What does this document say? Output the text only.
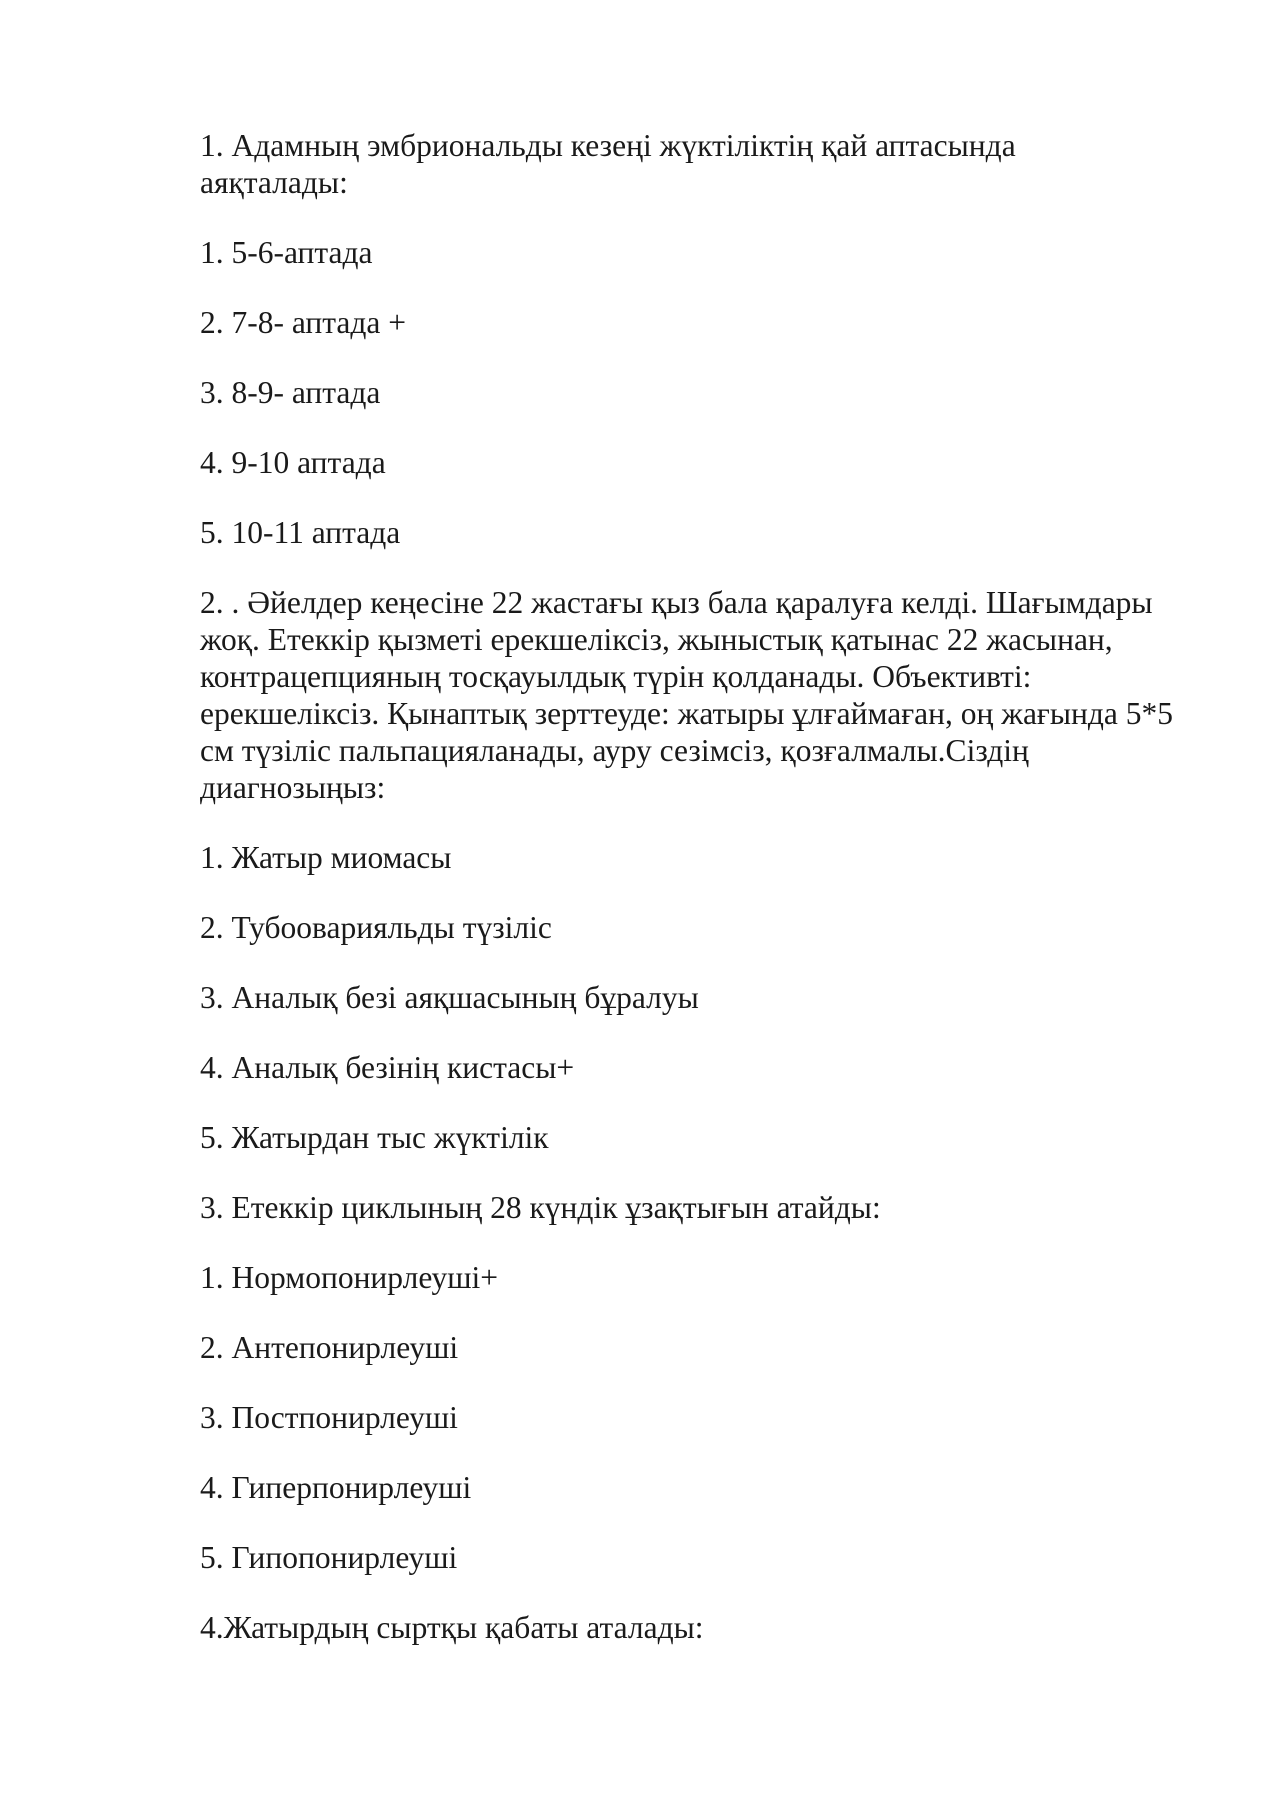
1. Адамның эмбриональды кезеңі жүктіліктің қай аптасында аяқталады:

1. 5-6-аптада

2. 7-8- аптада +

3. 8-9- аптада

4. 9-10 аптада

5. 10-11 аптада

2. . Әйелдер кеңесіне 22 жастағы қыз бала қаралуға келді. Шағымдары жоқ. Етеккір қызметі ерекшеліксіз, жыныстық қатынас 22 жасынан, контрацепцияның тосқауылдық түрін қолданады. Объективті: ерекшеліксіз. Қынаптық зерттеуде: жатыры ұлғаймаған, оң жағында 5*5 см түзіліс пальпацияланады, ауру сезімсіз, қозғалмалы.Сіздің диагнозыңыз:

1. Жатыр миомасы

2. Тубооварияльды түзіліс

3. Аналық безі аяқшасының бұралуы

4. Аналық безінің кистасы+

5. Жатырдан тыс жүктілік

3. Етеккір циклының 28 күндік ұзақтығын атайды:

1. Нормопонирлеуші+

2. Антепонирлеуші

3. Постпонирлеуші

4. Гиперпонирлеуші

5. Гипопонирлеуші

4.Жатырдың сыртқы қабаты аталады:
